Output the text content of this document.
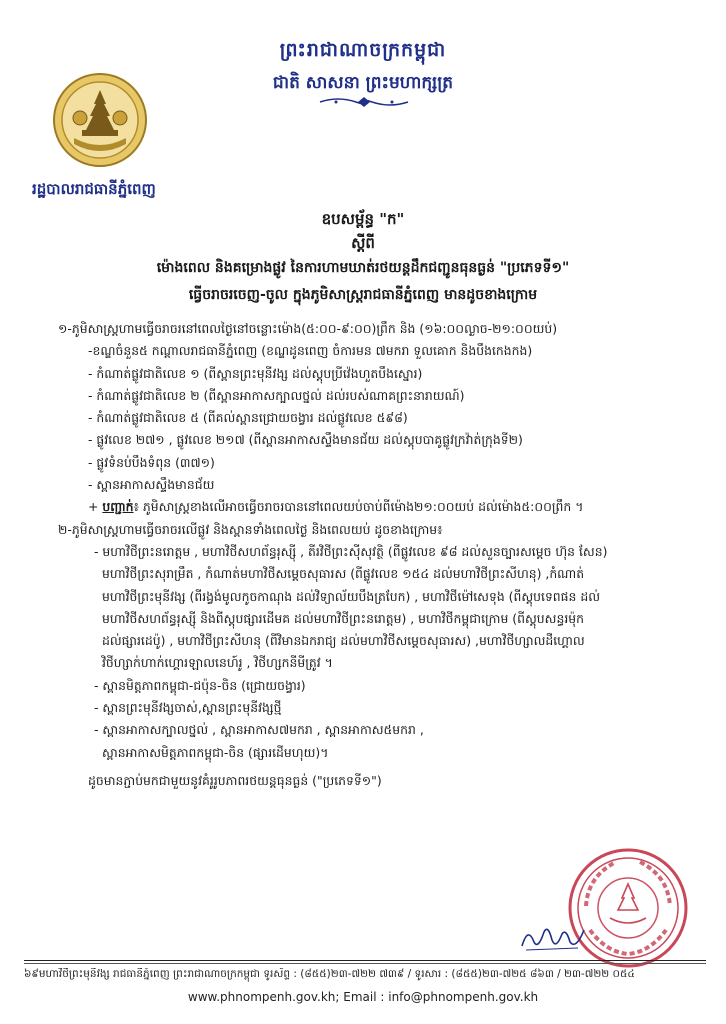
ព្រះរាជាណាចក្រកម្ពុជា
ជាតិ សាសនា ព្រះមហាក្សត្រ
រដ្ឋបាលរាជធានីភ្នំពេញ
ឧបសម្ព័ន្ធ "ក"
ស្តីពី
ម៉ោងពេល និងគម្រោងផ្លូវ នៃការហាមឃាត់រថយន្តដឹកជញ្ជូនធុនធ្ងន់ "ប្រភេទទី១"
ធ្វើចរាចរចេញ-ចូល ក្នុងភូមិសាស្ត្ររាជធានីភ្នំពេញ មានដូចខាងក្រោម
១-ភូមិសាស្ត្រហាមធ្វើចរាចរនៅពេលថ្ងៃនៅចន្លោះម៉ោង(៥:០០-៩:០០)ព្រឹក និង (១៦:០០ល្ងាច-២១:០០យប់)
-ខណ្ឌចំនួន៥ កណ្តាលរាជធានីភ្នំពេញ (ខណ្ឌដូនពេញ ចំការមន ៧មករា ទួលគោក និងបឹងកេងកង)
- កំណាត់ផ្លូវជាតិលេខ ១ (ពីស្ពានព្រះមុនីវង្ស ដល់ស្តុបប្រីវ៉េងហួតបឹងស្នោរ)
- កំណាត់ផ្លូវជាតិលេខ ២ (ពីស្ពានអាកាសក្បាលថ្នល់ ដល់របស់ណាគព្រះនារាយណ៍)
- កំណាត់ផ្លូវជាតិលេខ ៥ (ពីគល់ស្ពានជ្រោយចង្វារ ដល់ផ្លូវលេខ ៥៩៨)
- ផ្លូវលេខ ២៧១ , ផ្លូវលេខ ២១៧ (ពីស្ពានអាកាសស្ទឹងមានជ័យ ដល់ស្តុបបាគូផ្លូវក្រវ៉ាត់ក្រុងទី២)
- ផ្លូវទំនប់បឹងទំពុន (៣៧១)
- ស្ពានអាកាសស្ទឹងមានជ័យ
+ បញ្ជាក់៖ ភូមិសាស្ត្រខាងលើអាចធ្វើចរាចរបាននៅពេលយប់ចាប់ពីម៉ោង២១:០០យប់ ដល់ម៉ោង៥:០០ព្រឹក ។
២-ភូមិសាស្ត្រហាមធ្វើចរាចរលើផ្លូវ និងស្ពានទាំងពេលថ្ងៃ និងពេលយប់ ដូចខាងក្រោម៖
- មហាវិថីព្រះនរោត្តម , មហាវិថីសហព័ន្ធរុស្ស៊ី , តីរវិថីព្រះស៊ីសុវត្ថិ (ពីផ្លូវលេខ ៩៨ ដល់សួនច្បារសម្តេច ហ៊ុន សែន)
មហាវិថីព្រះសុរាម្រឹត , កំណាត់មហាវិថីសម្តេចសុធារស (ពីផ្លូវលេខ ១៥៤ ដល់មហាវិថីព្រះសីហនុ) ,កំណាត់
មហាវិថីព្រះមុនីវង្ស (ពីរង្វង់មូលកូចកាណុង ដល់វិទ្យាល័យបឹងត្របែក) , មហាវិថីម៉ៅសេទុង (ពីស្តុបទេពផន ដល់
មហាវិថីសហព័ន្ធរុស្ស៊ី និងពីស្តុបផ្សារដើមគ ដល់មហាវិថីព្រះនរោត្តម) , មហាវិថីកម្ពុជាក្រោម (ពីស្តុបសន្ធរម៉ុក
ដល់ផ្សារដេប៉ូ) , មហាវិថីព្រះសីហនុ (ពីវិមានឯករាជ្យ ដល់មហាវិថីសម្តេចសុធារស) ,មហាវិថីហ្សាលដឺហ្គោល
វិថីហ្សាក់ហាក់ហ្គោរឡាលនេហ៍រូ , វិថីហ្សកនីមីត្រូវ ។
- ស្ពានមិត្តភាពកម្ពុជា-ជប៉ុន-ចិន (ជ្រោយចង្វារ)
- ស្ពានព្រះមុនីវង្សចាស់,ស្ពានព្រះមុនីវង្សថ្មី
- ស្ពានអាកាសក្បាលថ្នល់ , ស្ពានអាកាស៧មករា , ស្ពានអាកាស៥មករា ,
ស្ពានអាកាសមិត្តភាពកម្ពុជា-ចិន (ផ្សារដើមហុយ)។
ដូចមានភ្ជាប់មកជាមួយនូវគំរូរូបភាពរថយន្តធុនធ្ងន់ ("ប្រភេទទី១")
៦៩មហាវិថីព្រះមុនីវង្ស រាជធានីភ្នំពេញ ព្រះរាជាណាចក្រកម្ពុជា ទូរស័ព្ទ : (៨៥៥)២៣-៧២២ ៧៣៩ / ទូរសារ : (៨៥៥)២៣-៧២៥ ៨៦៣ / ២៣-៧២២ ០៥៤
www.phnompenh.gov.kh; Email : info@phnompenh.gov.kh
